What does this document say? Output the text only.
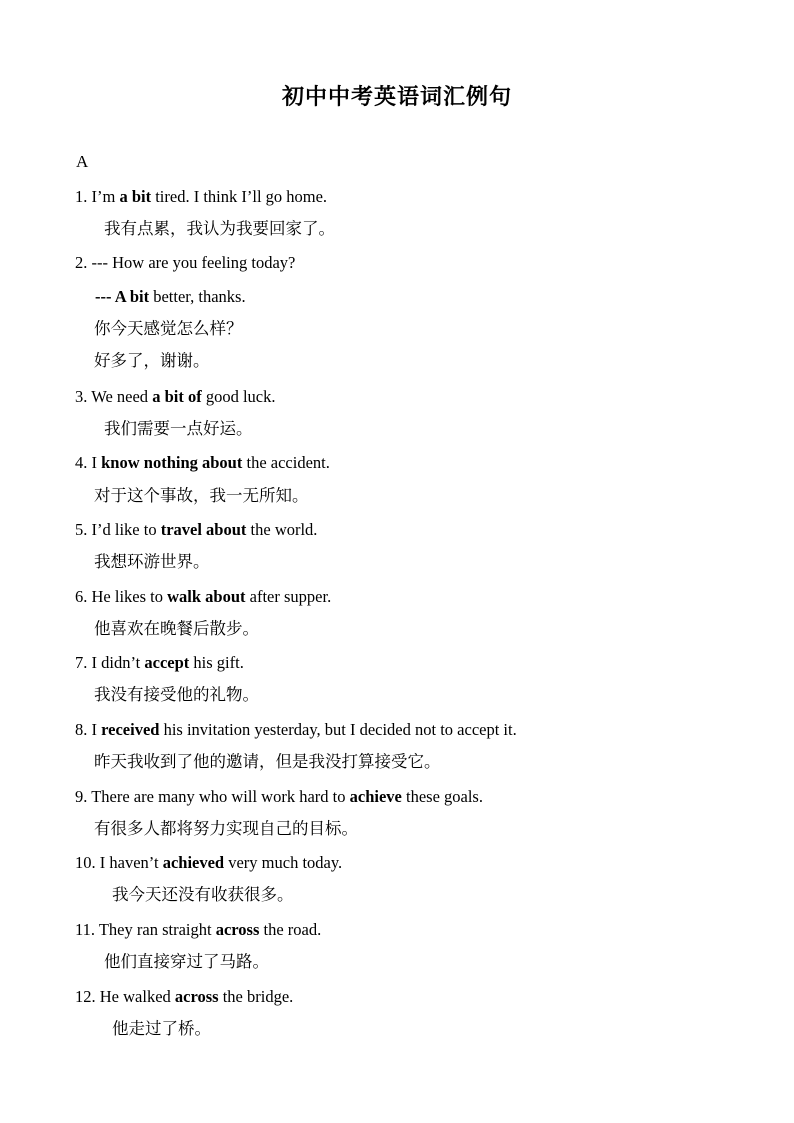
初中中考英语词汇例句
A
1. I’m a bit tired. I think I’ll go home.
我有点累，我认为我要回家了。
2. --- How are you feeling today?
--- A bit better, thanks.
你今天感觉怎么样？
好多了，谢谢。
3. We need a bit of good luck.
我们需要一点好运。
4. I know nothing about the accident.
对于这个事故，我一无所知。
5. I’d like to travel about the world.
我想环游世界。
6. He likes to walk about after supper.
他喜欢在晚餐后散步。
7. I didn’t accept his gift.
我没有接受他的礼物。
8. I received his invitation yesterday, but I decided not to accept it.
昨天我收到了他的邀请，但是我没打算接受它。
9. There are many who will work hard to achieve these goals.
有很多人都将努力实现自己的目标。
10. I haven’t achieved very much today.
我今天还没有收获很多。
11. They ran straight across the road.
他们直接穿过了马路。
12. He walked across the bridge.
他走过了桥。
